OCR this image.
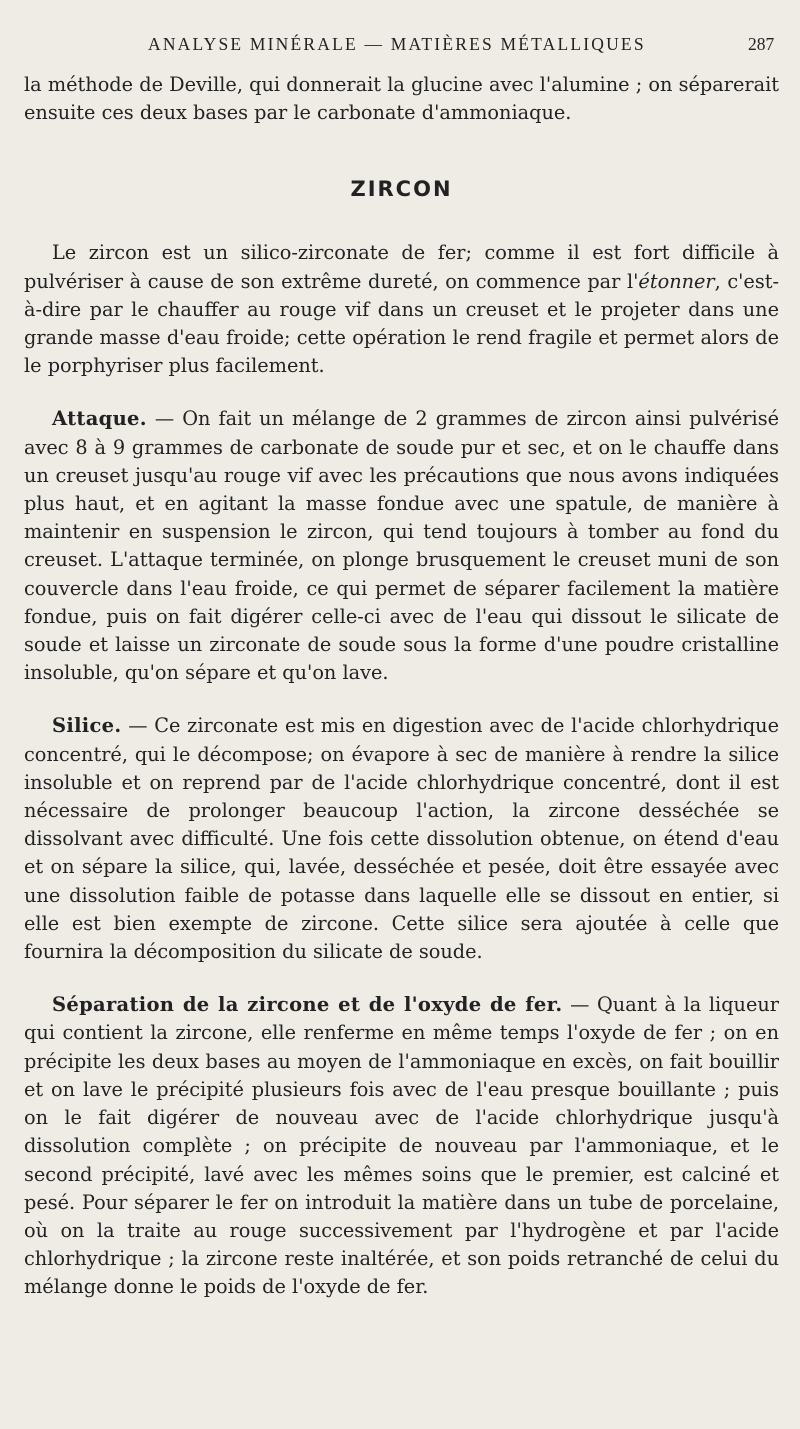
ANALYSE MINÉRALE — MATIÈRES MÉTALLIQUES	287

la méthode de Deville, qui donnerait la glucine avec l'alumine ; on séparerait ensuite ces deux bases par le carbonate d'ammoniaque.

ZIRCON

Le zircon est un silico-zirconate de fer; comme il est fort difficile à pulvériser à cause de son extrême dureté, on commence par l'étonner, c'est-à-dire par le chauffer au rouge vif dans un creuset et le projeter dans une grande masse d'eau froide; cette opération le rend fragile et permet alors de le porphyriser plus facilement.

Attaque. — On fait un mélange de 2 grammes de zircon ainsi pulvérisé avec 8 à 9 grammes de carbonate de soude pur et sec, et on le chauffe dans un creuset jusqu'au rouge vif avec les précautions que nous avons indiquées plus haut, et en agitant la masse fondue avec une spatule, de manière à maintenir en suspension le zircon, qui tend toujours à tomber au fond du creuset. L'attaque terminée, on plonge brusquement le creuset muni de son couvercle dans l'eau froide, ce qui permet de séparer facilement la matière fondue, puis on fait digérer celle-ci avec de l'eau qui dissout le silicate de soude et laisse un zirconate de soude sous la forme d'une poudre cristalline insoluble, qu'on sépare et qu'on lave.

Silice. — Ce zirconate est mis en digestion avec de l'acide chlorhydrique concentré, qui le décompose; on évapore à sec de manière à rendre la silice insoluble et on reprend par de l'acide chlorhydrique concentré, dont il est nécessaire de prolonger beaucoup l'action, la zircone desséchée se dissolvant avec difficulté. Une fois cette dissolution obtenue, on étend d'eau et on sépare la silice, qui, lavée, desséchée et pesée, doit être essayée avec une dissolution faible de potasse dans laquelle elle se dissout en entier, si elle est bien exempte de zircone. Cette silice sera ajoutée à celle que fournira la décomposition du silicate de soude.

Séparation de la zircone et de l'oxyde de fer. — Quant à la liqueur qui contient la zircone, elle renferme en même temps l'oxyde de fer ; on en précipite les deux bases au moyen de l'ammoniaque en excès, on fait bouillir et on lave le précipité plusieurs fois avec de l'eau presque bouillante ; puis on le fait digérer de nouveau avec de l'acide chlorhydrique jusqu'à dissolution complète ; on précipite de nouveau par l'ammoniaque, et le second précipité, lavé avec les mêmes soins que le premier, est calciné et pesé. Pour séparer le fer on introduit la matière dans un tube de porcelaine, où on la traite au rouge successivement par l'hydrogène et par l'acide chlorhydrique ; la zircone reste inaltérée, et son poids retranché de celui du mélange donne le poids de l'oxyde de fer.
